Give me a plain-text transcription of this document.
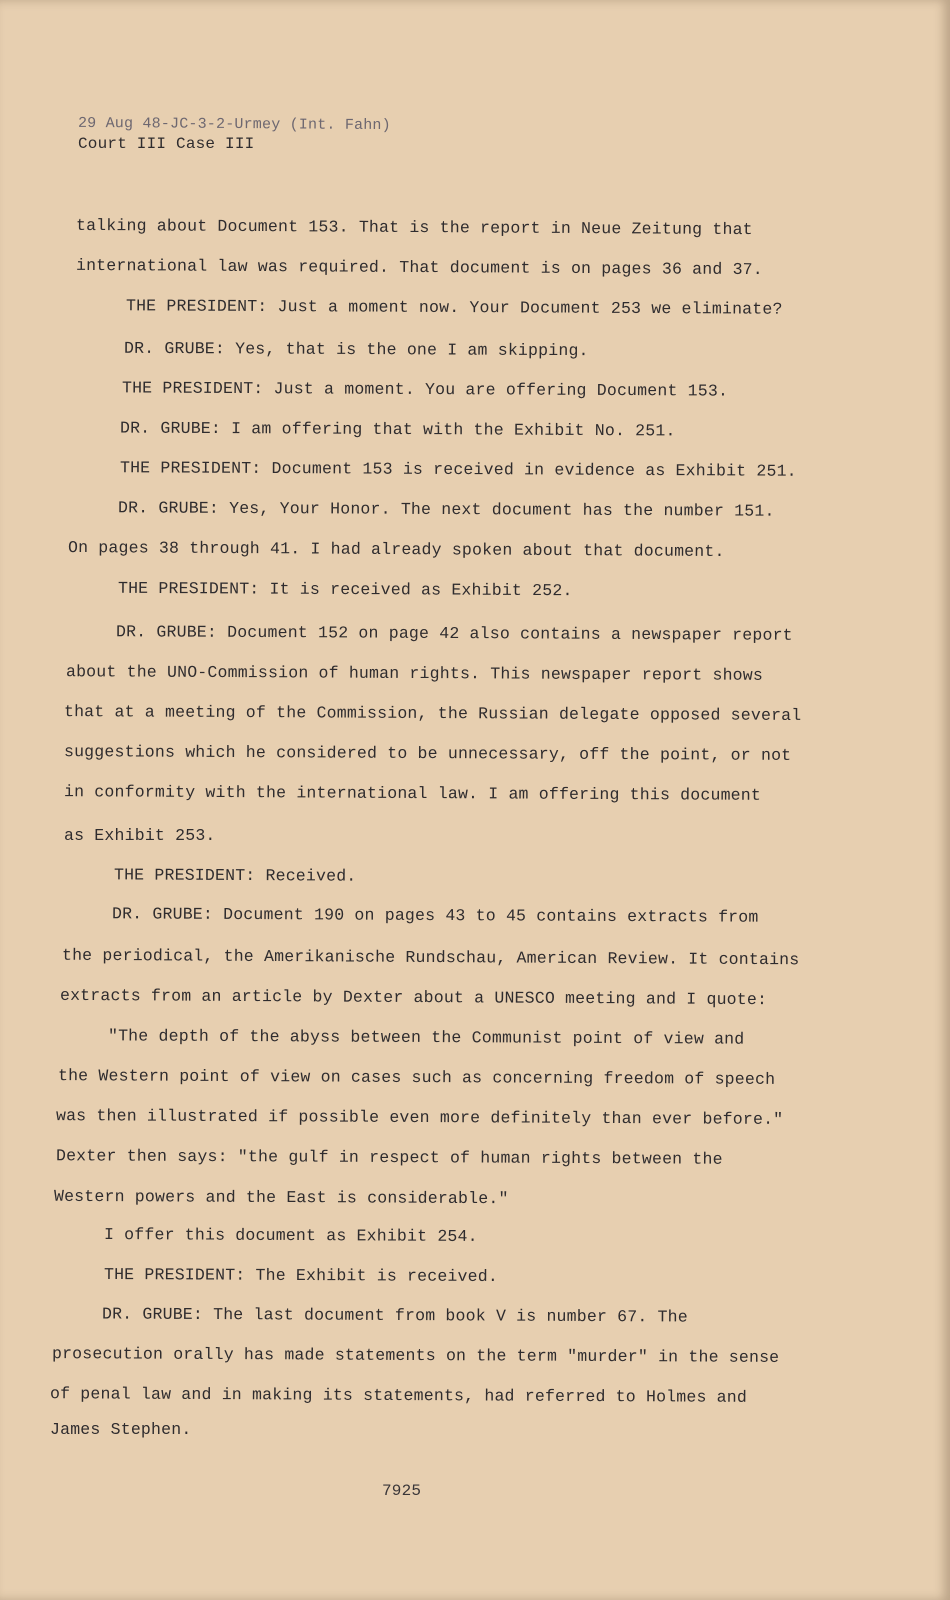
29 Aug 48-JC-3-2-Urmey (Int. Fahn)
Court III Case III
talking about Document 153. That is the report in Neue Zeitung that
international law was required. That document is on pages 36 and 37.
THE PRESIDENT: Just a moment now. Your Document 253 we eliminate?
DR. GRUBE: Yes, that is the one I am skipping.
THE PRESIDENT: Just a moment. You are offering Document 153.
DR. GRUBE: I am offering that with the Exhibit No. 251.
THE PRESIDENT: Document 153 is received in evidence as Exhibit 251.
DR. GRUBE: Yes, Your Honor. The next document has the number 151.
On pages 38 through 41. I had already spoken about that document.
THE PRESIDENT: It is received as Exhibit 252.
DR. GRUBE: Document 152 on page 42 also contains a newspaper report
about the UNO-Commission of human rights. This newspaper report shows
that at a meeting of the Commission, the Russian delegate opposed several
suggestions which he considered to be unnecessary, off the point, or not
in conformity with the international law. I am offering this document
as Exhibit 253.
THE PRESIDENT: Received.
DR. GRUBE: Document 190 on pages 43 to 45 contains extracts from
the periodical, the Amerikanische Rundschau, American Review. It contains
extracts from an article by Dexter about a UNESCO meeting and I quote:
"The depth of the abyss between the Communist point of view and
the Western point of view on cases such as concerning freedom of speech
was then illustrated if possible even more definitely than ever before."
Dexter then says: "the gulf in respect of human rights between the
Western powers and the East is considerable."
I offer this document as Exhibit 254.
THE PRESIDENT: The Exhibit is received.
DR. GRUBE: The last document from book V is number 67. The
prosecution orally has made statements on the term "murder" in the sense
of penal law and in making its statements, had referred to Holmes and
James Stephen.
7925
